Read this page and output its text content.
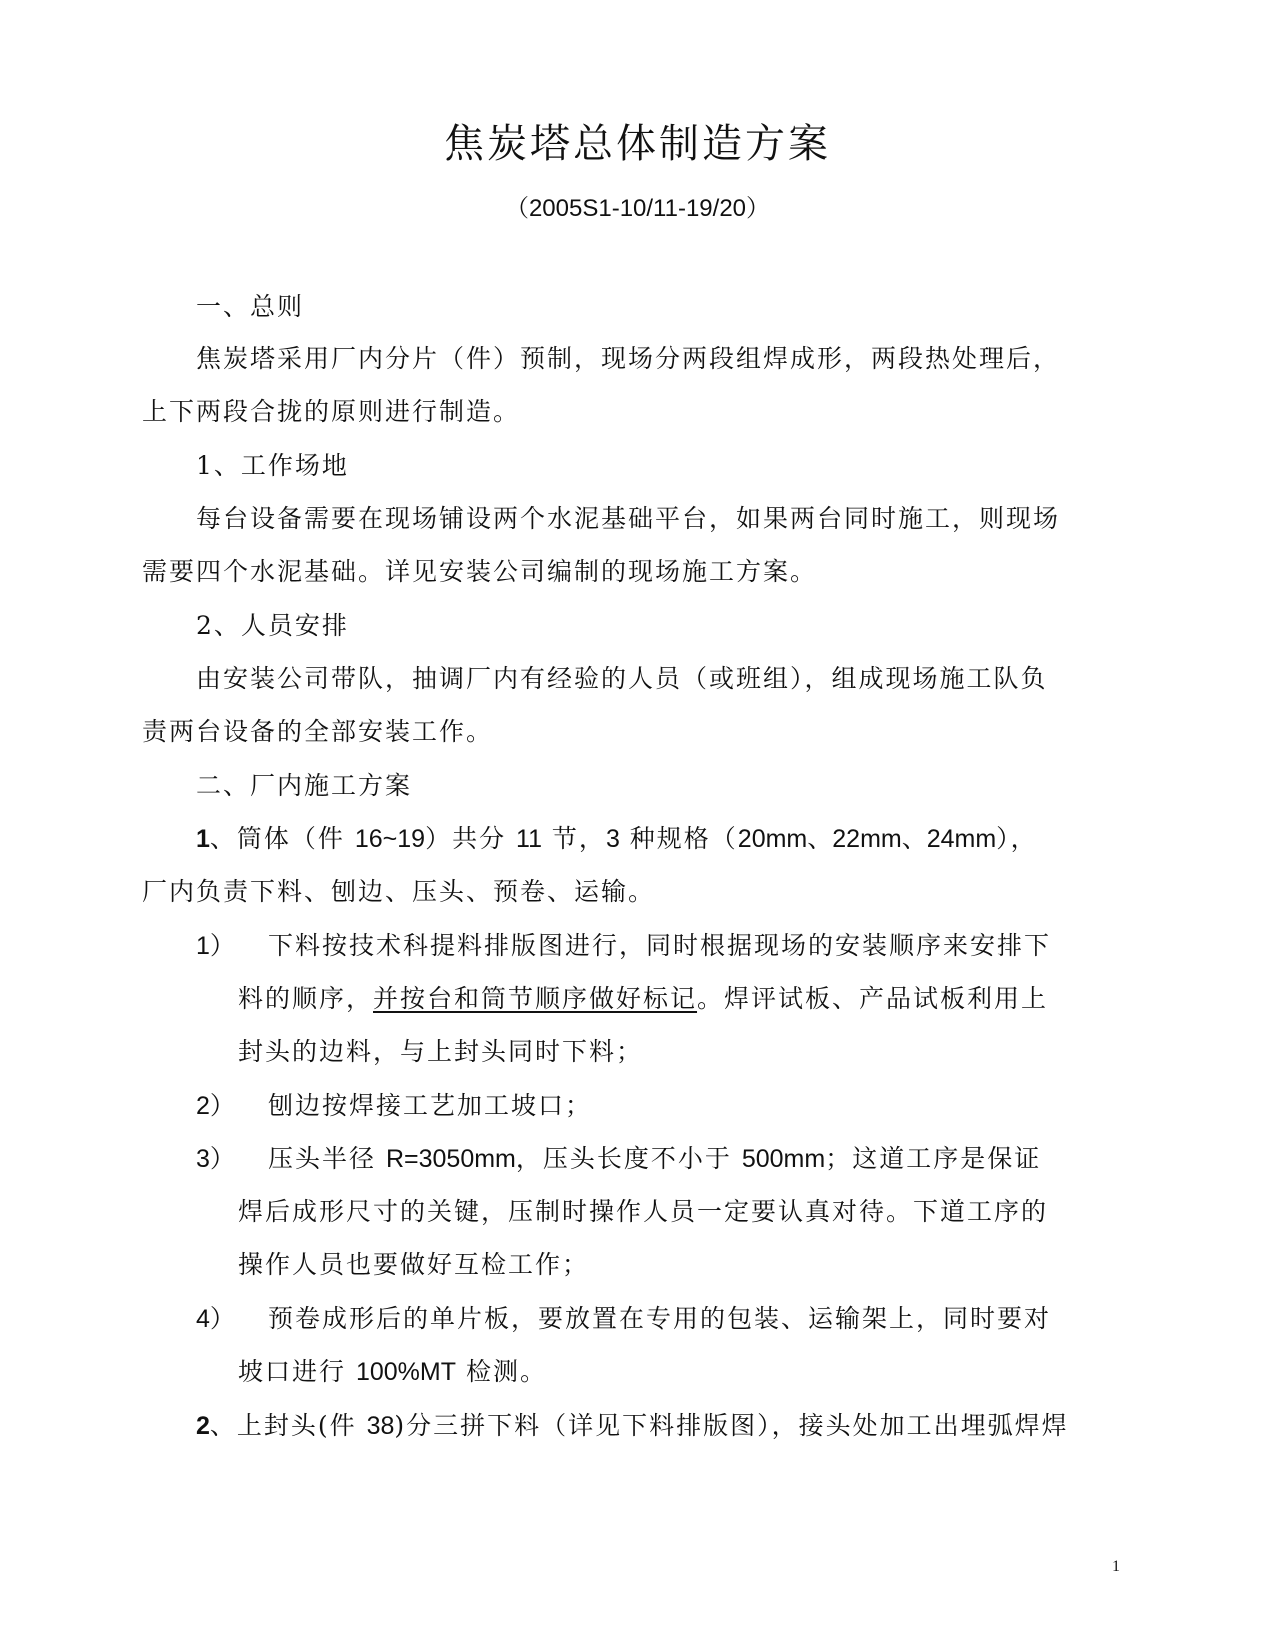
焦炭塔总体制造方案
（2005S1-10/11-19/20）
一、总则
焦炭塔采用厂内分片（件）预制，现场分两段组焊成形，两段热处理后，
上下两段合拢的原则进行制造。
1、工作场地
每台设备需要在现场铺设两个水泥基础平台，如果两台同时施工，则现场
需要四个水泥基础。详见安装公司编制的现场施工方案。
2、人员安排
由安装公司带队，抽调厂内有经验的人员（或班组），组成现场施工队负
责两台设备的全部安装工作。
二、厂内施工方案
1、筒体（件 16~19）共分 11 节，3 种规格（20mm、22mm、24mm），
厂内负责下料、刨边、压头、预卷、运输。
1） 下料按技术科提料排版图进行，同时根据现场的安装顺序来安排下
料的顺序，并按台和筒节顺序做好标记。焊评试板、产品试板利用上
封头的边料，与上封头同时下料；
2） 刨边按焊接工艺加工坡口；
3） 压头半径 R=3050mm，压头长度不小于 500mm；这道工序是保证
焊后成形尺寸的关键，压制时操作人员一定要认真对待。下道工序的
操作人员也要做好互检工作；
4） 预卷成形后的单片板，要放置在专用的包装、运输架上，同时要对
坡口进行 100%MT 检测。
2、上封头(件 38)分三拼下料（详见下料排版图），接头处加工出埋弧焊焊
1
